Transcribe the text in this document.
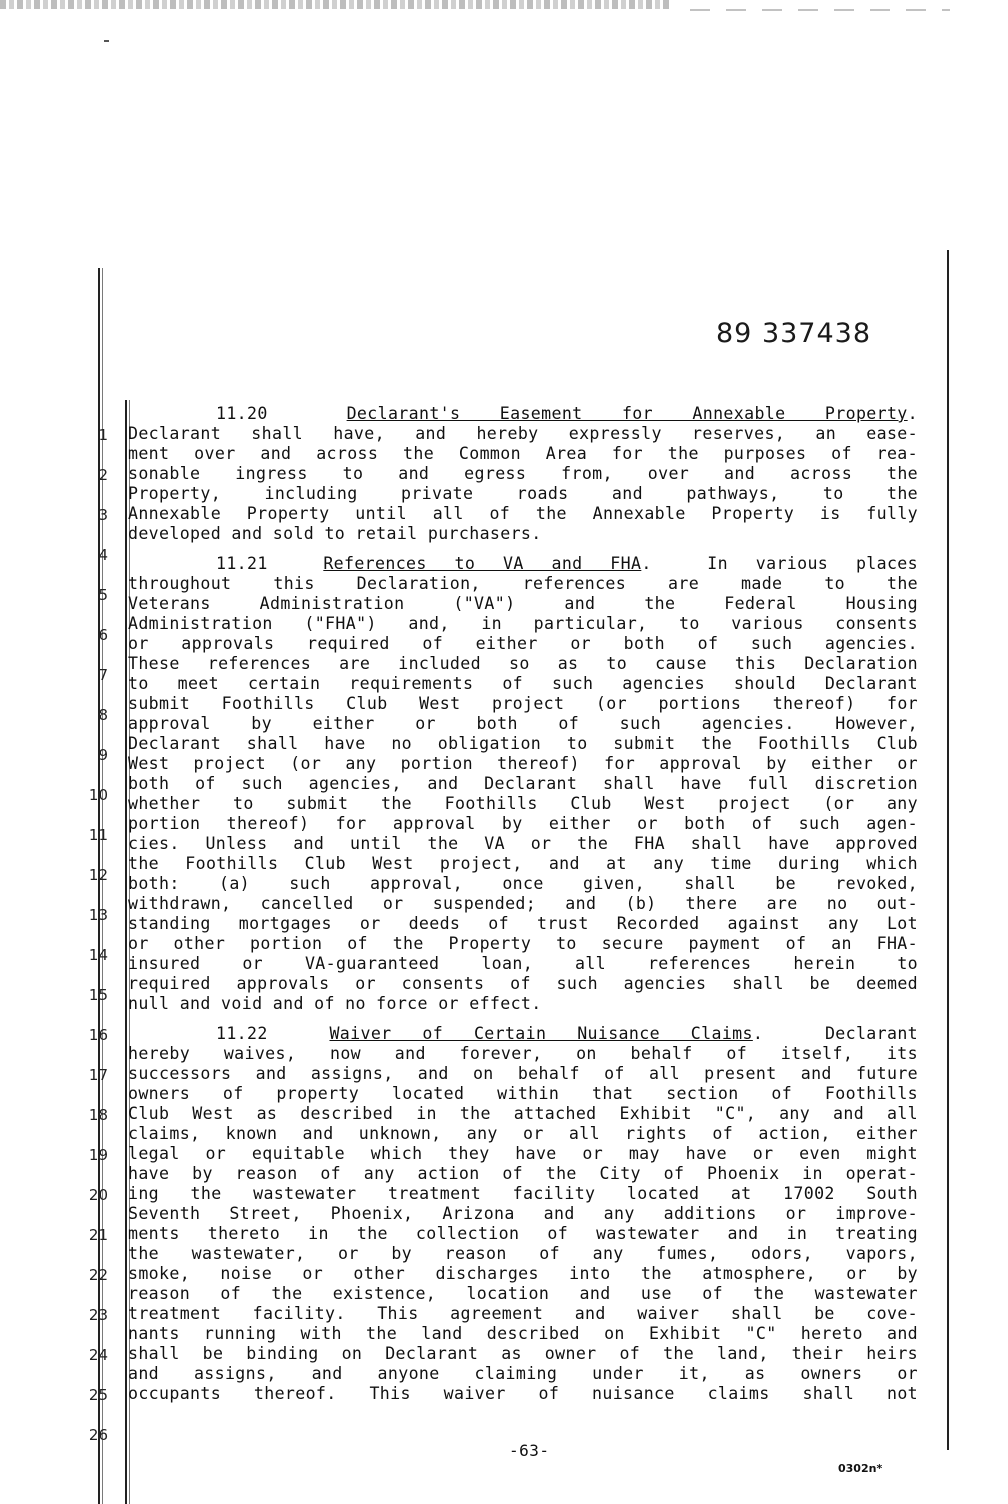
89 337438
1
2
3
4
5
6
7
8
9
10
11
12
13
14
15
16
17
18
19
20
21
22
23
24
25
26
11.20	Declarant's Easement for Annexable Property.
Declarant shall have, and hereby expressly reserves, an ease-
ment over and across the Common Area for the purposes of rea-
sonable ingress to and egress from, over and across the
Property, including private roads and pathways, to the
Annexable Property until all of the Annexable Property is fully
developed and sold to retail purchasers.
11.21	References to VA and FHA.  In various places
throughout this Declaration, references are made to the
Veterans Administration ("VA") and the Federal Housing
Administration ("FHA") and, in particular, to various consents
or approvals required of either or both of such agencies.
These references are included so as to cause this Declaration
to meet certain requirements of such agencies should Declarant
submit Foothills Club West project (or portions thereof) for
approval by either or both of such agencies. However,
Declarant shall have no obligation to submit the Foothills Club
West project (or any portion thereof) for approval by either or
both of such agencies, and Declarant shall have full discretion
whether to submit the Foothills Club West project (or any
portion thereof) for approval by either or both of such agen-
cies. Unless and until the VA or the FHA shall have approved
the Foothills Club West project, and at any time during which
both: (a) such approval, once given, shall be revoked,
withdrawn, cancelled or suspended; and (b) there are no out-
standing mortgages or deeds of trust Recorded against any Lot
or other portion of the Property to secure payment of an FHA-
insured or VA-guaranteed loan, all references herein to
required approvals or consents of such agencies shall be deemed
null and void and of no force or effect.
11.22	Waiver of Certain Nuisance Claims.  Declarant
hereby waives, now and forever, on behalf of itself, its
successors and assigns, and on behalf of all present and future
owners of property located within that section of Foothills
Club West as described in the attached Exhibit "C", any and all
claims, known and unknown, any or all rights of action, either
legal or equitable which they have or may have or even might
have by reason of any action of the City of Phoenix in operat-
ing the wastewater treatment facility located at 17002 South
Seventh Street, Phoenix, Arizona and any additions or improve-
ments thereto in the collection of wastewater and in treating
the wastewater, or by reason of any fumes, odors, vapors,
smoke, noise or other discharges into the atmosphere, or by
reason of the existence, location and use of the wastewater
treatment facility. This agreement and waiver shall be cove-
nants running with the land described on Exhibit "C" hereto and
shall be binding on Declarant as owner of the land, their heirs
and assigns, and anyone claiming under it, as owners or
occupants thereof. This waiver of nuisance claims shall not
-63-
0302n*
